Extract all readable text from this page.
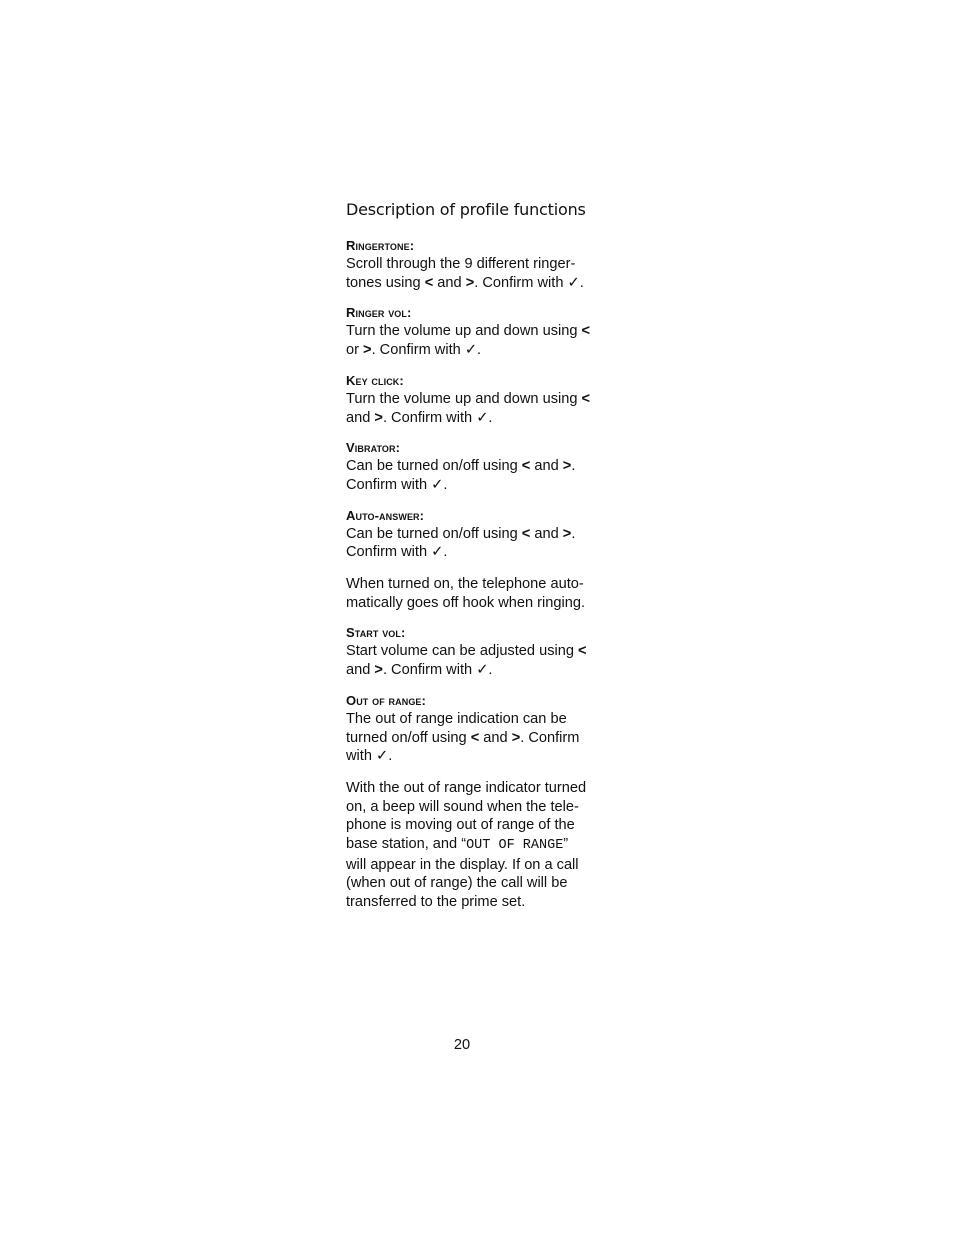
Description of profile functions
Ringertone:
Scroll through the 9 different ringer-
tones using < and >. Confirm with ✓.
Ringer vol:
Turn the volume up and down using <
or >. Confirm with ✓.
Key click:
Turn the volume up and down using <
and >. Confirm with ✓.
Vibrator:
Can be turned on/off using < and >.
Confirm with ✓.
Auto-answer:
Can be turned on/off using < and >.
Confirm with ✓.
When turned on, the telephone auto-
matically goes off hook when ringing.
Start vol:
Start volume can be adjusted using <
and >. Confirm with ✓.
Out of range:
The out of range indication can be
turned on/off using < and >. Confirm
with ✓.
With the out of range indicator turned
on, a beep will sound when the tele-
phone is moving out of range of the
base station, and “OUT OF RANGE”
will appear in the display. If on a call
(when out of range) the call will be
transferred to the prime set.
20
